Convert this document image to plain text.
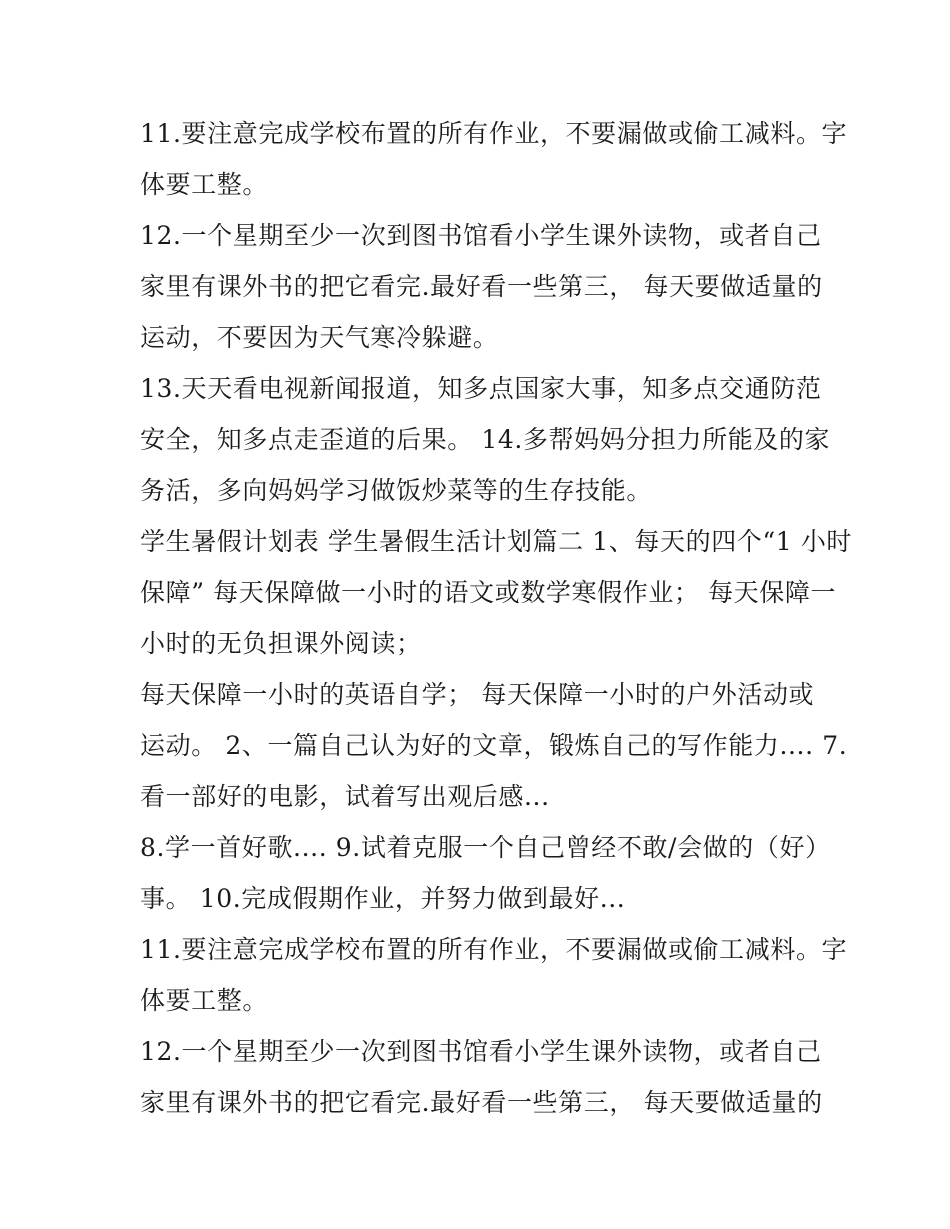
11.要注意完成学校布置的所有作业，不要漏做或偷工减料。字
体要工整。
12.一个星期至少一次到图书馆看小学生课外读物，或者自己
家里有课外书的把它看完.最好看一些第三， 每天要做适量的
运动，不要因为天气寒冷躲避。
13.天天看电视新闻报道，知多点国家大事，知多点交通防范
安全，知多点走歪道的后果。 14.多帮妈妈分担力所能及的家
务活，多向妈妈学习做饭炒菜等的生存技能。
学生暑假计划表 学生暑假生活计划篇二 1、每天的四个“1 小时
保障” 每天保障做一小时的语文或数学寒假作业； 每天保障一
小时的无负担课外阅读；
每天保障一小时的英语自学； 每天保障一小时的户外活动或
运动。 2、一篇自己认为好的文章，锻炼自己的写作能力.... 7.
看一部好的电影，试着写出观后感...
8.学一首好歌.... 9.试着克服一个自己曾经不敢/会做的（好）
事。 10.完成假期作业，并努力做到最好...
11.要注意完成学校布置的所有作业，不要漏做或偷工减料。字
体要工整。
12.一个星期至少一次到图书馆看小学生课外读物，或者自己
家里有课外书的把它看完.最好看一些第三， 每天要做适量的
